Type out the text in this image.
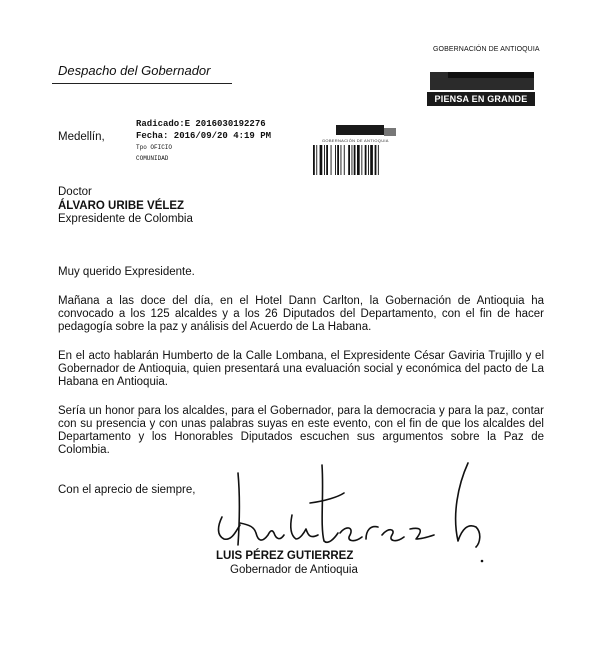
Despacho del Gobernador
GOBERNACIÓN DE ANTIOQUIA
PIENSA EN GRANDE
Radicado:E 2016030192276
Fecha: 2016/09/20 4:19 PM
Tpo OFICIO
COMUNIDAD
Medellín,	GOBERNACIÓN DE ANTIOQUIA
Doctor
ÁLVARO URIBE VÉLEZ
Expresidente de Colombia
Muy querido Expresidente.

Mañana a las doce del día, en el Hotel Dann Carlton, la Gobernación de Antioquia ha convocado a los 125 alcaldes y a los 26 Diputados del Departamento, con el fin de hacer pedagogía sobre la paz y análisis del Acuerdo de La Habana.

En el acto hablarán Humberto de la Calle Lombana, el Expresidente César Gaviria Trujillo y el Gobernador de Antioquia, quien presentará una evaluación social y económica del pacto de La Habana en Antioquia.

Sería un honor para los alcaldes, para el Gobernador, para la democracia y para la paz, contar con su presencia y con unas palabras suyas en este evento, con el fin de que los alcaldes del Departamento y los Honorables Diputados escuchen sus argumentos sobre la Paz de Colombia.

Con el aprecio de siempre,
LUIS PÉREZ GUTIERREZ
Gobernador de Antioquia
